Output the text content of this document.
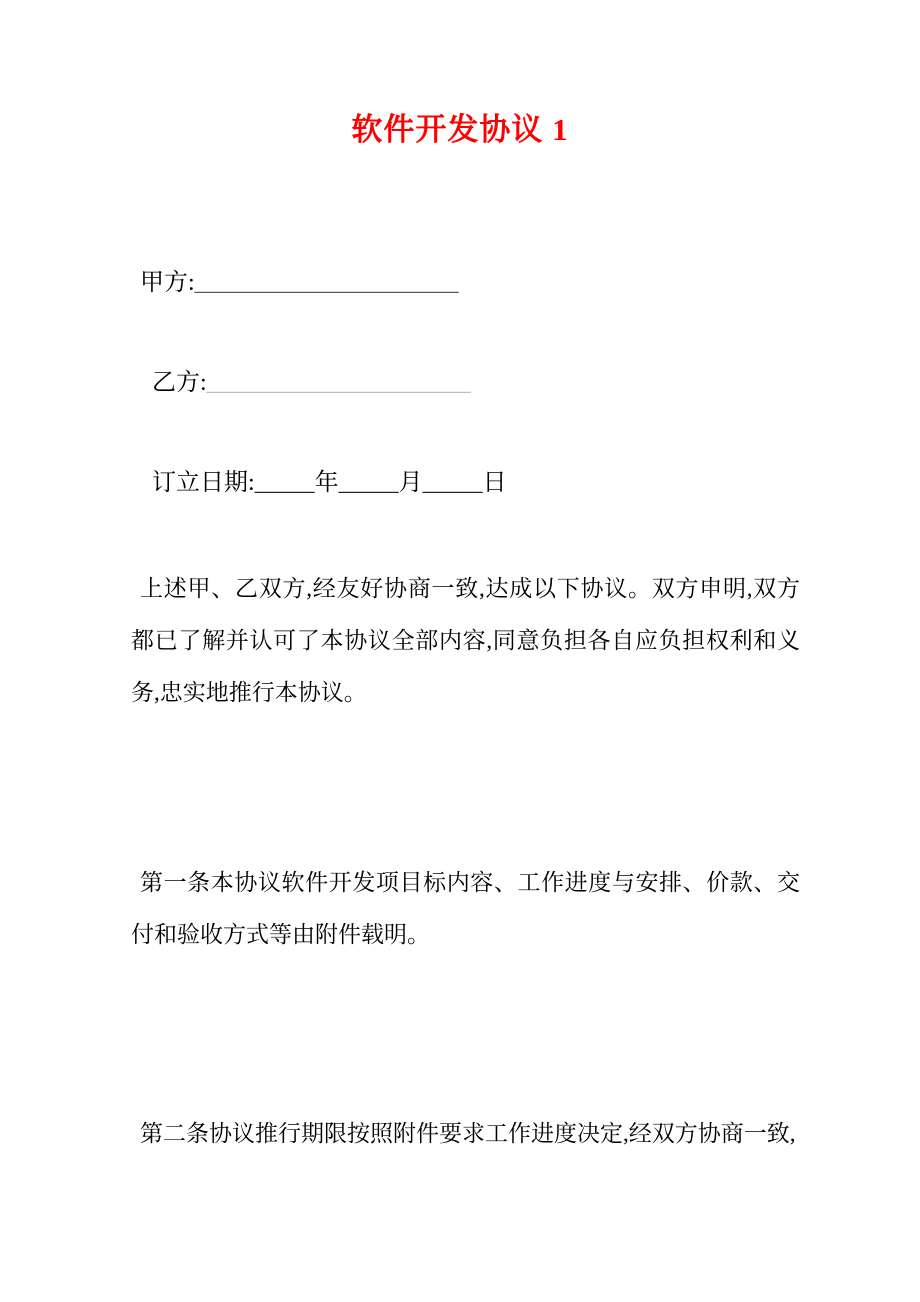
软件开发协议 1
甲方:______________________
乙方:______________________
订立日期:_____年_____月_____日

上述甲、乙双方,经友好协商一致,达成以下协议。双方申明,双方都已了解并认可了本协议全部内容,同意负担各自应负担权利和义务,忠实地推行本协议。

第一条本协议软件开发项目标内容、工作进度与安排、价款、交付和验收方式等由附件载明。

第二条协议推行期限按照附件要求工作进度决定,经双方协商一致,
